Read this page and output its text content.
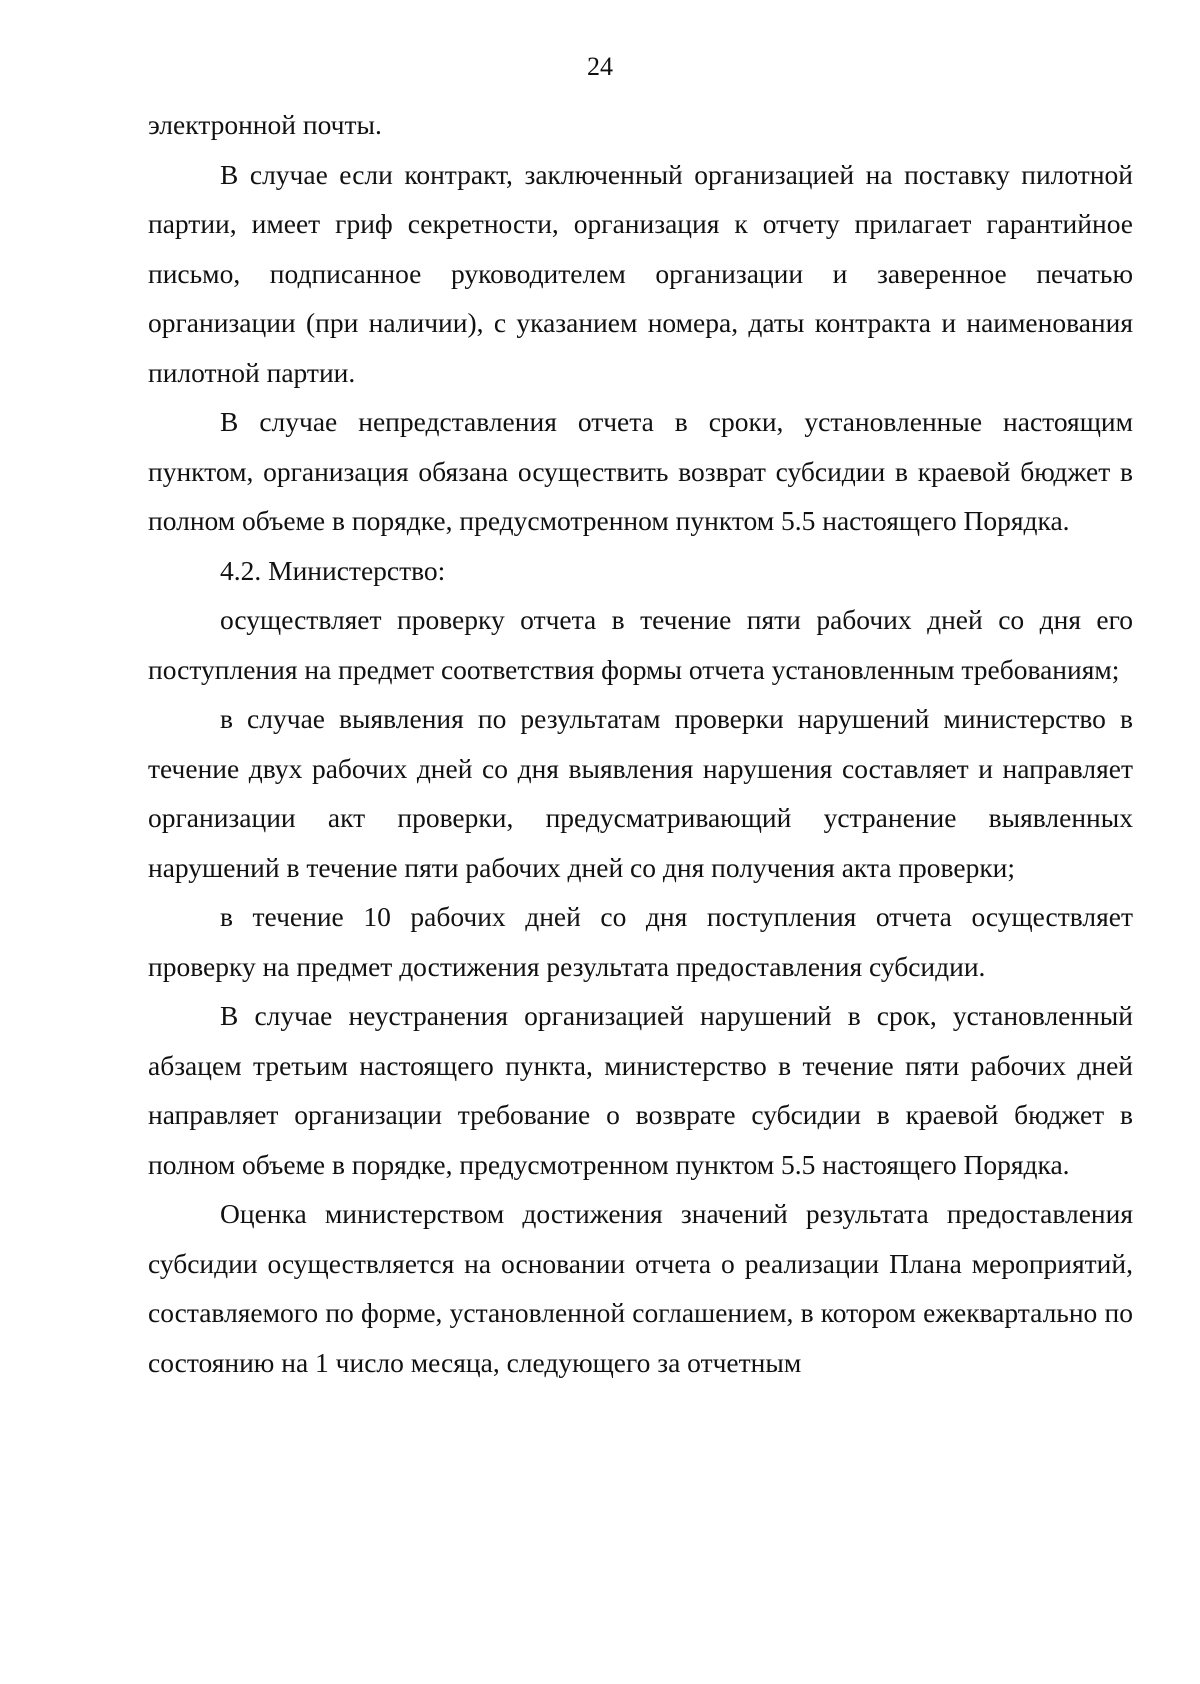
24

электронной почты.

В случае если контракт, заключенный организацией на поставку пилотной партии, имеет гриф секретности, организация к отчету прилагает гарантийное письмо, подписанное руководителем организации и заверенное печатью организации (при наличии), с указанием номера, даты контракта и наименования пилотной партии.

В случае непредставления отчета в сроки, установленные настоящим пунктом, организация обязана осуществить возврат субсидии в краевой бюджет в полном объеме в порядке, предусмотренном пунктом 5.5 настоящего Порядка.

4.2. Министерство:

осуществляет проверку отчета в течение пяти рабочих дней со дня его поступления на предмет соответствия формы отчета установленным требованиям;

в случае выявления по результатам проверки нарушений министерство в течение двух рабочих дней со дня выявления нарушения составляет и направляет организации акт проверки, предусматривающий устранение выявленных нарушений в течение пяти рабочих дней со дня получения акта проверки;

в течение 10 рабочих дней со дня поступления отчета осуществляет проверку на предмет достижения результата предоставления субсидии.

В случае неустранения организацией нарушений в срок, установленный абзацем третьим настоящего пункта, министерство в течение пяти рабочих дней направляет организации требование о возврате субсидии в краевой бюджет в полном объеме в порядке, предусмотренном пунктом 5.5 настоящего Порядка.

Оценка министерством достижения значений результата предоставления субсидии осуществляется на основании отчета о реализации Плана мероприятий, составляемого по форме, установленной соглашением, в котором ежеквартально по состоянию на 1 число месяца, следующего за отчетным
